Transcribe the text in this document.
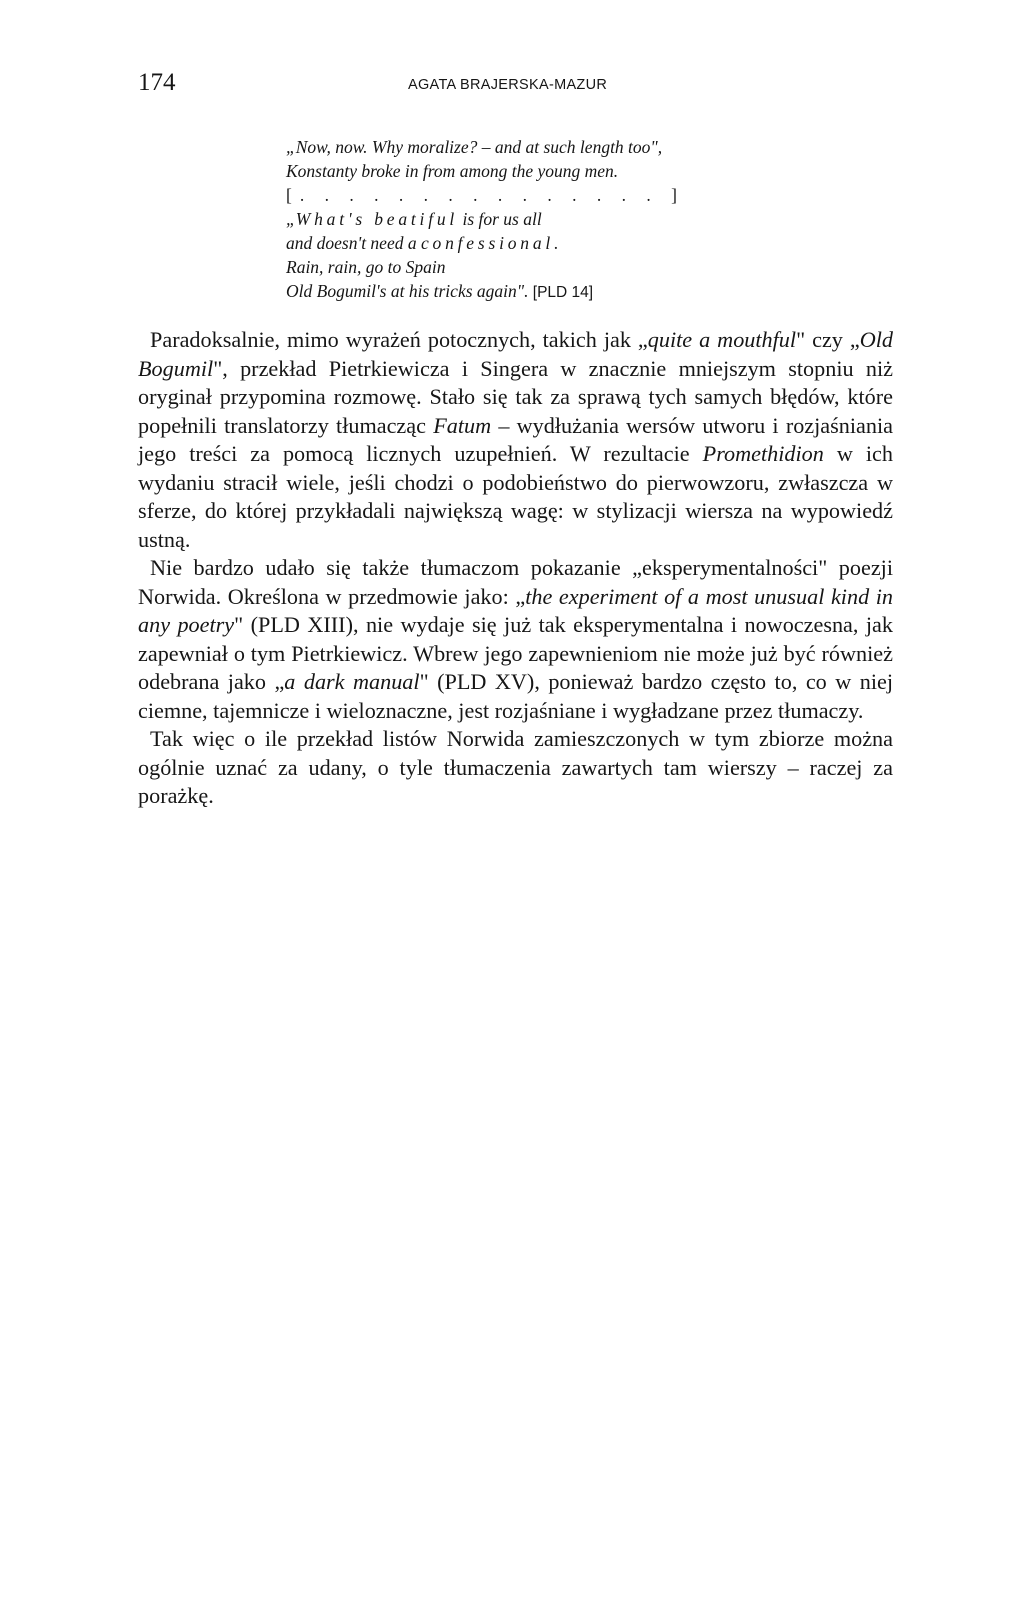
174	AGATA BRAJERSKA-MAZUR
„Now, now. Why moralize? – and at such length too",
Konstanty broke in from among the young men.
[. . . . . . . . . . . . . . . ]
„What's beatiful is for us all
and doesn't need a confessional.
Rain, rain, go to Spain
Old Bogumil's at his tricks again". [PLD 14]

Paradoksalnie, mimo wyrażeń potocznych, takich jak „quite a mouthful" czy „Old Bogumil", przekład Pietrkiewicza i Singera w znacznie mniejszym stopniu niż oryginał przypomina rozmowę. Stało się tak za sprawą tych samych błędów, które popełnili translatorzy tłumacząc Fatum – wydłużania wersów utworu i rozjaśniania jego treści za pomocą licznych uzupełnień. W rezultacie Promethidion w ich wydaniu stracił wiele, jeśli chodzi o podobieństwo do pierwowzoru, zwłaszcza w sferze, do której przykładali największą wagę: w stylizacji wiersza na wypowiedź ustną.

Nie bardzo udało się także tłumaczom pokazanie „eksperymentalności" poezji Norwida. Określona w przedmowie jako: „the experiment of a most unusual kind in any poetry" (PLD XIII), nie wydaje się już tak eksperymentalna i nowoczesna, jak zapewniał o tym Pietrkiewicz. Wbrew jego zapewnieniom nie może już być również odebrana jako „a dark manual" (PLD XV), ponieważ bardzo często to, co w niej ciemne, tajemnicze i wieloznaczne, jest rozjaśniane i wygładzane przez tłumaczy.

Tak więc o ile przekład listów Norwida zamieszczonych w tym zbiorze można ogólnie uznać za udany, o tyle tłumaczenia zawartych tam wierszy – raczej za porażkę.
